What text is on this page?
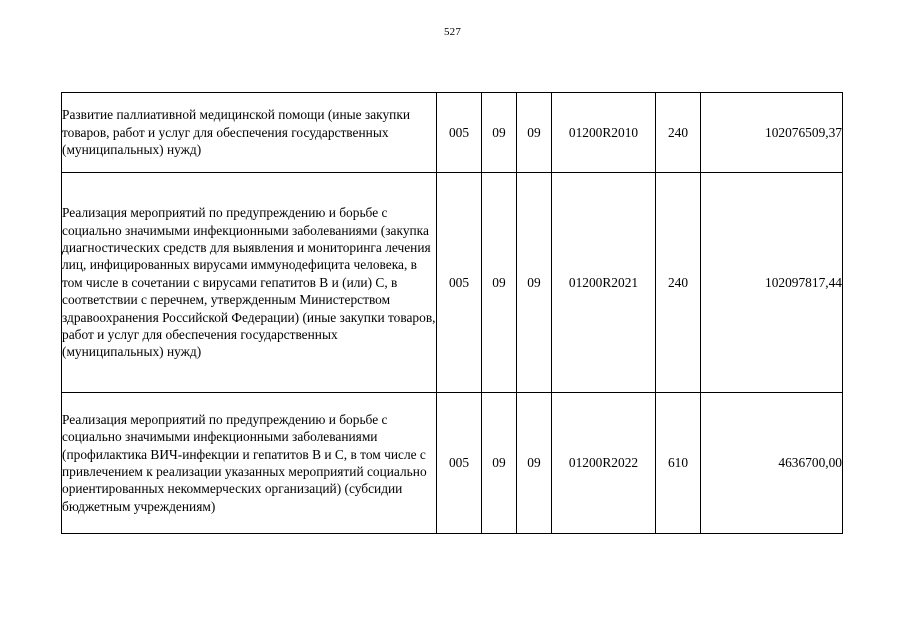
527
Развитие паллиативной медицинской помощи (иные закупки товаров, работ и услуг для обеспечения государственных (муниципальных) нужд)	005	09	09	01200R2010	240	102076509,37
Реализация мероприятий по предупреждению и борьбе с социально значимыми инфекционными заболеваниями (закупка диагностических средств для выявления и мониторинга лечения лиц, инфицированных вирусами иммунодефицита человека, в том числе в сочетании с вирусами гепатитов B и (или) C, в соответствии с перечнем, утвержденным Министерством здравоохранения Российской Федерации) (иные закупки товаров, работ и услуг для обеспечения государственных (муниципальных) нужд)	005	09	09	01200R2021	240	102097817,44
Реализация мероприятий по предупреждению и борьбе с социально значимыми инфекционными заболеваниями (профилактика ВИЧ-инфекции и гепатитов B и C, в том числе с привлечением к реализации указанных мероприятий социально ориентированных некоммерческих организаций) (субсидии бюджетным учреждениям)	005	09	09	01200R2022	610	4636700,00
